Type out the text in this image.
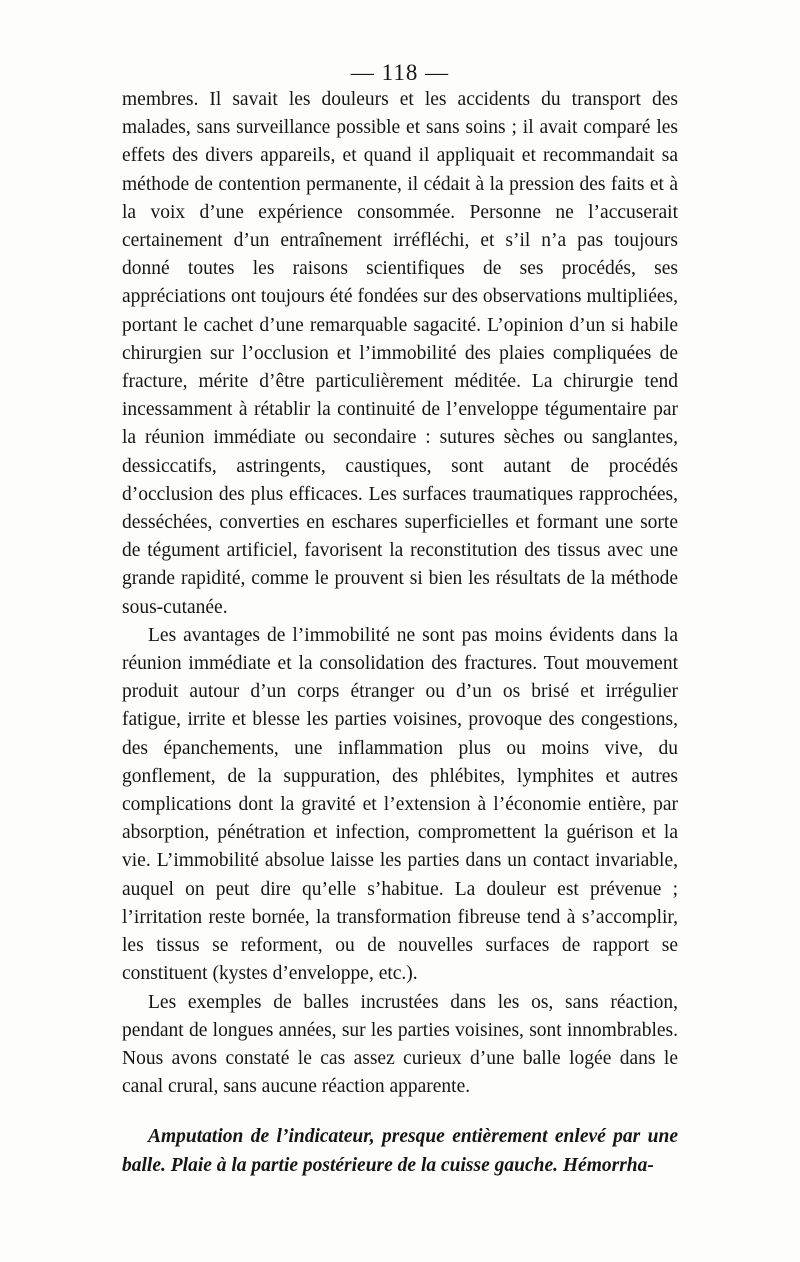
— 118 —

membres. Il savait les douleurs et les accidents du transport des malades, sans surveillance possible et sans soins ; il avait comparé les effets des divers appareils, et quand il appliquait et recommandait sa méthode de contention permanente, il cédait à la pression des faits et à la voix d’une expérience consommée. Personne ne l’accuserait certainement d’un entraînement irréfléchi, et s’il n’a pas toujours donné toutes les raisons scientifiques de ses procédés, ses appréciations ont toujours été fondées sur des observations multipliées, portant le cachet d’une remarquable sagacité. L’opinion d’un si habile chirurgien sur l’occlusion et l’immobilité des plaies compliquées de fracture, mérite d’être particulièrement méditée. La chirurgie tend incessamment à rétablir la continuité de l’enveloppe tégumentaire par la réunion immédiate ou secondaire : sutures sèches ou sanglantes, dessiccatifs, astringents, caustiques, sont autant de procédés d’occlusion des plus efficaces. Les surfaces traumatiques rapprochées, desséchées, converties en eschares superficielles et formant une sorte de tégument artificiel, favorisent la reconstitution des tissus avec une grande rapidité, comme le prouvent si bien les résultats de la méthode sous-cutanée.

Les avantages de l’immobilité ne sont pas moins évidents dans la réunion immédiate et la consolidation des fractures. Tout mouvement produit autour d’un corps étranger ou d’un os brisé et irrégulier fatigue, irrite et blesse les parties voisines, provoque des congestions, des épanchements, une inflammation plus ou moins vive, du gonflement, de la suppuration, des phlébites, lymphites et autres complications dont la gravité et l’extension à l’économie entière, par absorption, pénétration et infection, compromettent la guérison et la vie. L’immobilité absolue laisse les parties dans un contact invariable, auquel on peut dire qu’elle s’habitue. La douleur est prévenue ; l’irritation reste bornée, la transformation fibreuse tend à s’accomplir, les tissus se reforment, ou de nouvelles surfaces de rapport se constituent (kystes d’enveloppe, etc.).

Les exemples de balles incrustées dans les os, sans réaction, pendant de longues années, sur les parties voisines, sont innombrables. Nous avons constaté le cas assez curieux d’une balle logée dans le canal crural, sans aucune réaction apparente.

Amputation de l’indicateur, presque entièrement enlevé par une balle. Plaie à la partie postérieure de la cuisse gauche. Hémorrha-
